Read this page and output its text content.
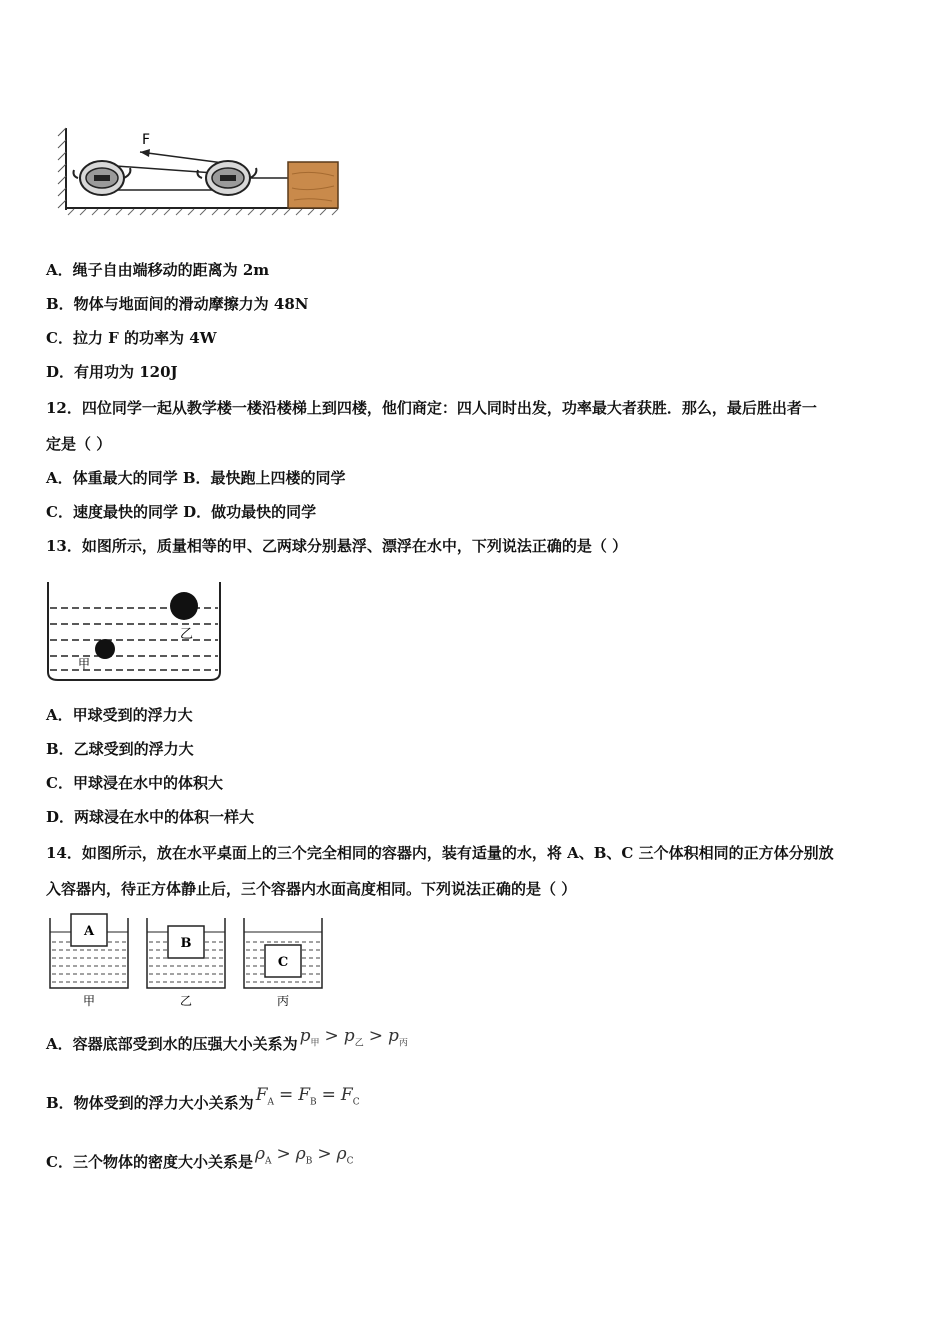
F
A．绳子自由端移动的距离为 2m
B．物体与地面间的滑动摩擦力为 48N
C．拉力 F 的功率为 4W
D．有用功为 120J
12．四位同学一起从教学楼一楼沿楼梯上到四楼，他们商定：四人同时出发，功率最大者获胜．那么，最后胜出者一
定是（ ）
A．体重最大的同学 B．最快跑上四楼的同学
C．速度最快的同学 D．做功最快的同学
13．如图所示，质量相等的甲、乙两球分别悬浮、漂浮在水中，下列说法正确的是（ ）
乙
甲
A．甲球受到的浮力大
B．乙球受到的浮力大
C．甲球浸在水中的体积大
D．两球浸在水中的体积一样大
14．如图所示，放在水平桌面上的三个完全相同的容器内，装有适量的水，将 A、B、C 三个体积相同的正方体分别放
入容器内，待正方体静止后，三个容器内水面高度相同。下列说法正确的是（ ）
A
甲
B
乙
C
丙
A．容器底部受到水的压强大小关系为 $p_甲 > p_乙 > p_丙$
B．物体受到的浮力大小关系为 $F_A = F_B = F_C$
C．三个物体的密度大小关系是 $\rho_A > \rho_B > \rho_C$
